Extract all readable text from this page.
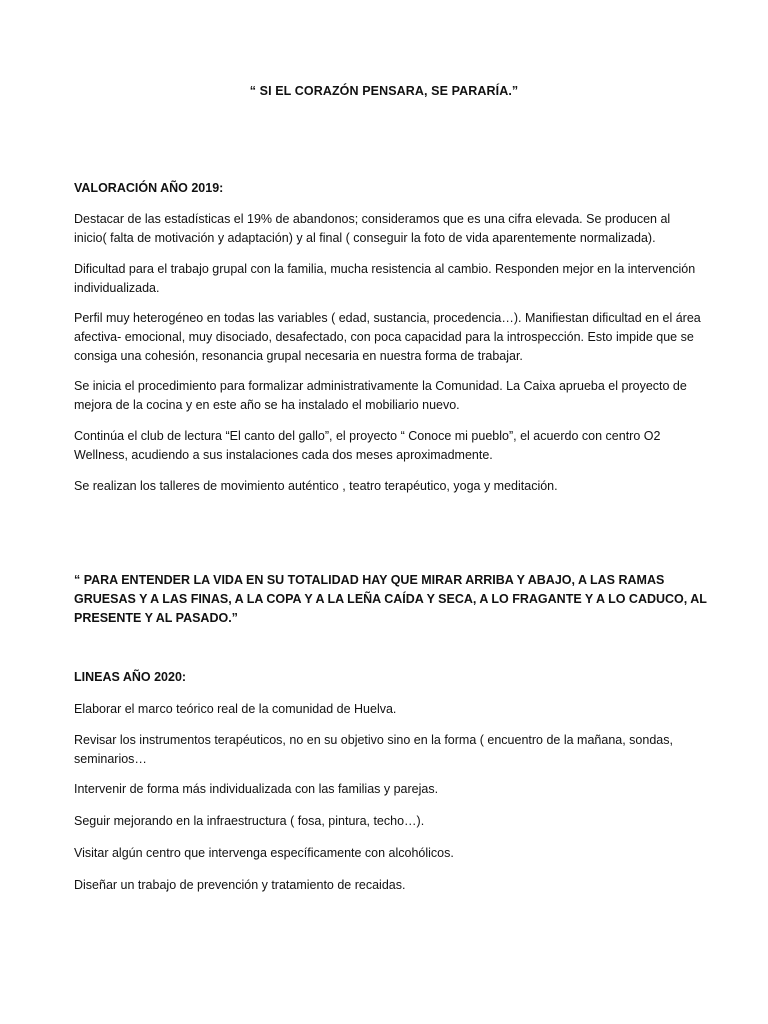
“ SI EL CORAZÓN PENSARA, SE PARARÍA.”
VALORACIÓN AÑO 2019:

Destacar de las estadísticas el 19% de abandonos; consideramos que es una cifra elevada. Se producen al inicio( falta de motivación y adaptación) y al final ( conseguir la foto de vida aparentemente normalizada).

Dificultad para el trabajo grupal con la familia, mucha resistencia al cambio. Responden mejor en la intervención individualizada.

Perfil muy heterogéneo en todas las variables ( edad, sustancia, procedencia…). Manifiestan dificultad en el área afectiva- emocional, muy disociado, desafectado, con poca capacidad para la introspección. Esto impide que se consiga una cohesión, resonancia grupal necesaria en nuestra forma de trabajar.

Se inicia el procedimiento para formalizar administrativamente la Comunidad. La Caixa aprueba el proyecto de mejora de la cocina y en este año se ha instalado el mobiliario nuevo.

Continúa el club de lectura “El canto del gallo”, el proyecto “ Conoce mi pueblo”, el acuerdo con centro O2 Wellness, acudiendo a sus instalaciones cada dos meses aproximadmente.

Se realizan los talleres de movimiento auténtico , teatro terapéutico, yoga y meditación.

“ PARA ENTENDER LA VIDA EN SU TOTALIDAD HAY QUE MIRAR ARRIBA Y ABAJO, A LAS RAMAS GRUESAS Y A LAS FINAS, A LA COPA Y A LA LEÑA CAÍDA Y SECA, A LO FRAGANTE Y A LO CADUCO, AL PRESENTE Y AL PASADO.”

LINEAS AÑO 2020:

Elaborar el marco teórico real de la comunidad de Huelva.

Revisar los instrumentos terapéuticos, no en su objetivo sino en la forma ( encuentro de la mañana, sondas, seminarios…

Intervenir de forma más individualizada con las familias y parejas.

Seguir mejorando en la infraestructura ( fosa, pintura, techo…).

Visitar algún centro que intervenga específicamente con alcohólicos.

Diseñar un trabajo de prevención y tratamiento de recaidas.
